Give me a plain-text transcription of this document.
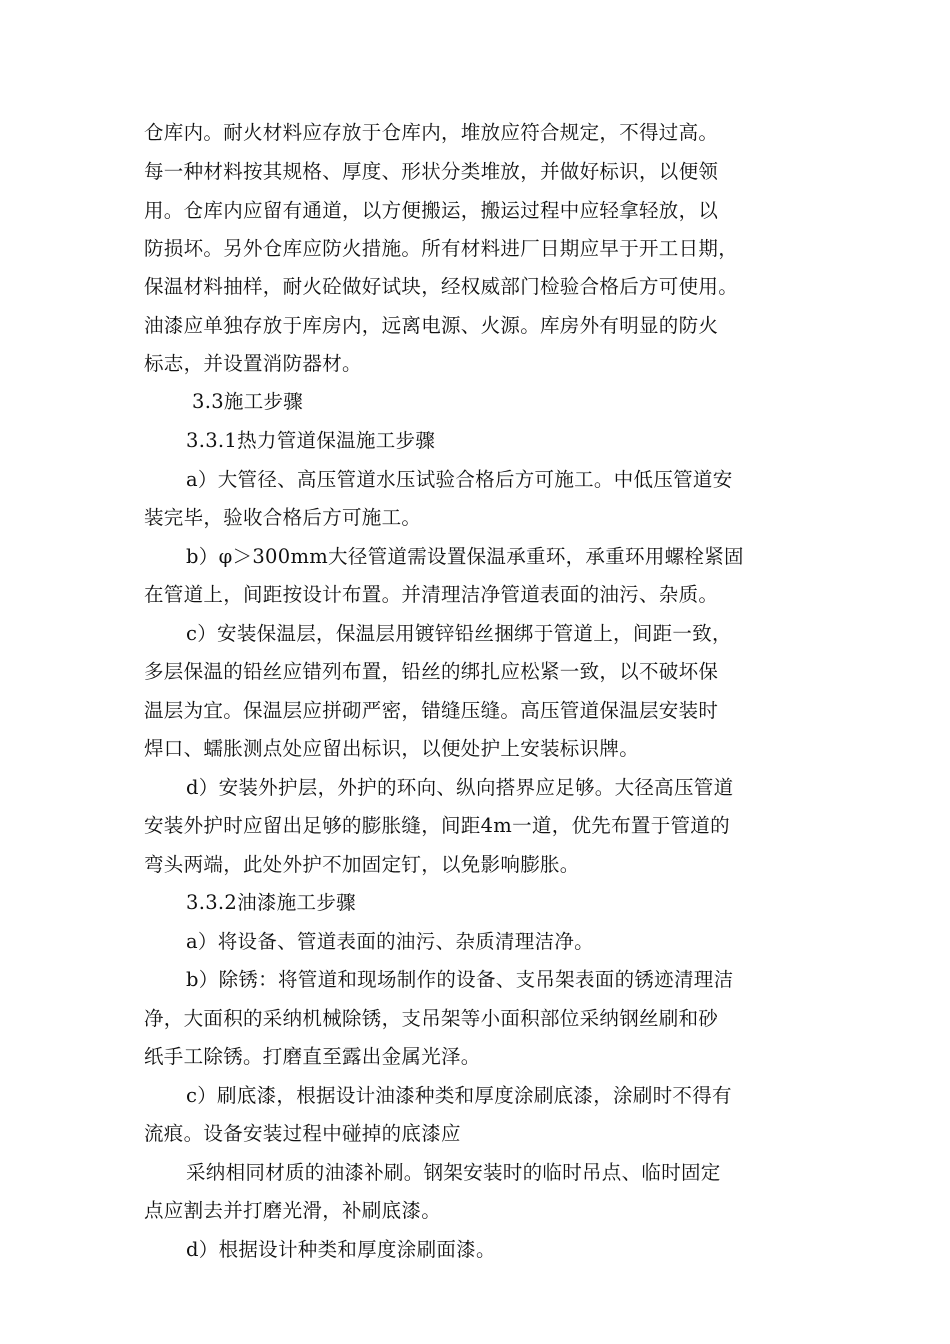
仓库内。耐火材料应存放于仓库内，堆放应符合规定，不得过高。
每一种材料按其规格、厚度、形状分类堆放，并做好标识，以便领
用。仓库内应留有通道，以方便搬运，搬运过程中应轻拿轻放，以
防损坏。另外仓库应防火措施。所有材料进厂日期应早于开工日期，
保温材料抽样，耐火砼做好试块，经权威部门检验合格后方可使用。
油漆应单独存放于库房内，远离电源、火源。库房外有明显的防火
标志，并设置消防器材。
3.3施工步骤
3.3.1热力管道保温施工步骤
a）大管径、高压管道水压试验合格后方可施工。中低压管道安
装完毕，验收合格后方可施工。
b）φ＞300mm大径管道需设置保温承重环，承重环用螺栓紧固
在管道上，间距按设计布置。并清理洁净管道表面的油污、杂质。
c）安装保温层，保温层用镀锌铅丝捆绑于管道上，间距一致，
多层保温的铅丝应错列布置，铅丝的绑扎应松紧一致，以不破坏保
温层为宜。保温层应拼砌严密，错缝压缝。高压管道保温层安装时
焊口、蠕胀测点处应留出标识，以便处护上安装标识牌。
d）安装外护层，外护的环向、纵向搭界应足够。大径高压管道
安装外护时应留出足够的膨胀缝，间距4m一道，优先布置于管道的
弯头两端，此处外护不加固定钉，以免影响膨胀。
3.3.2油漆施工步骤
a）将设备、管道表面的油污、杂质清理洁净。
b）除锈：将管道和现场制作的设备、支吊架表面的锈迹清理洁
净，大面积的采纳机械除锈，支吊架等小面积部位采纳钢丝刷和砂
纸手工除锈。打磨直至露出金属光泽。
c）刷底漆，根据设计油漆种类和厚度涂刷底漆，涂刷时不得有
流痕。设备安装过程中碰掉的底漆应
采纳相同材质的油漆补刷。钢架安装时的临时吊点、临时固定
点应割去并打磨光滑，补刷底漆。
d）根据设计种类和厚度涂刷面漆。
